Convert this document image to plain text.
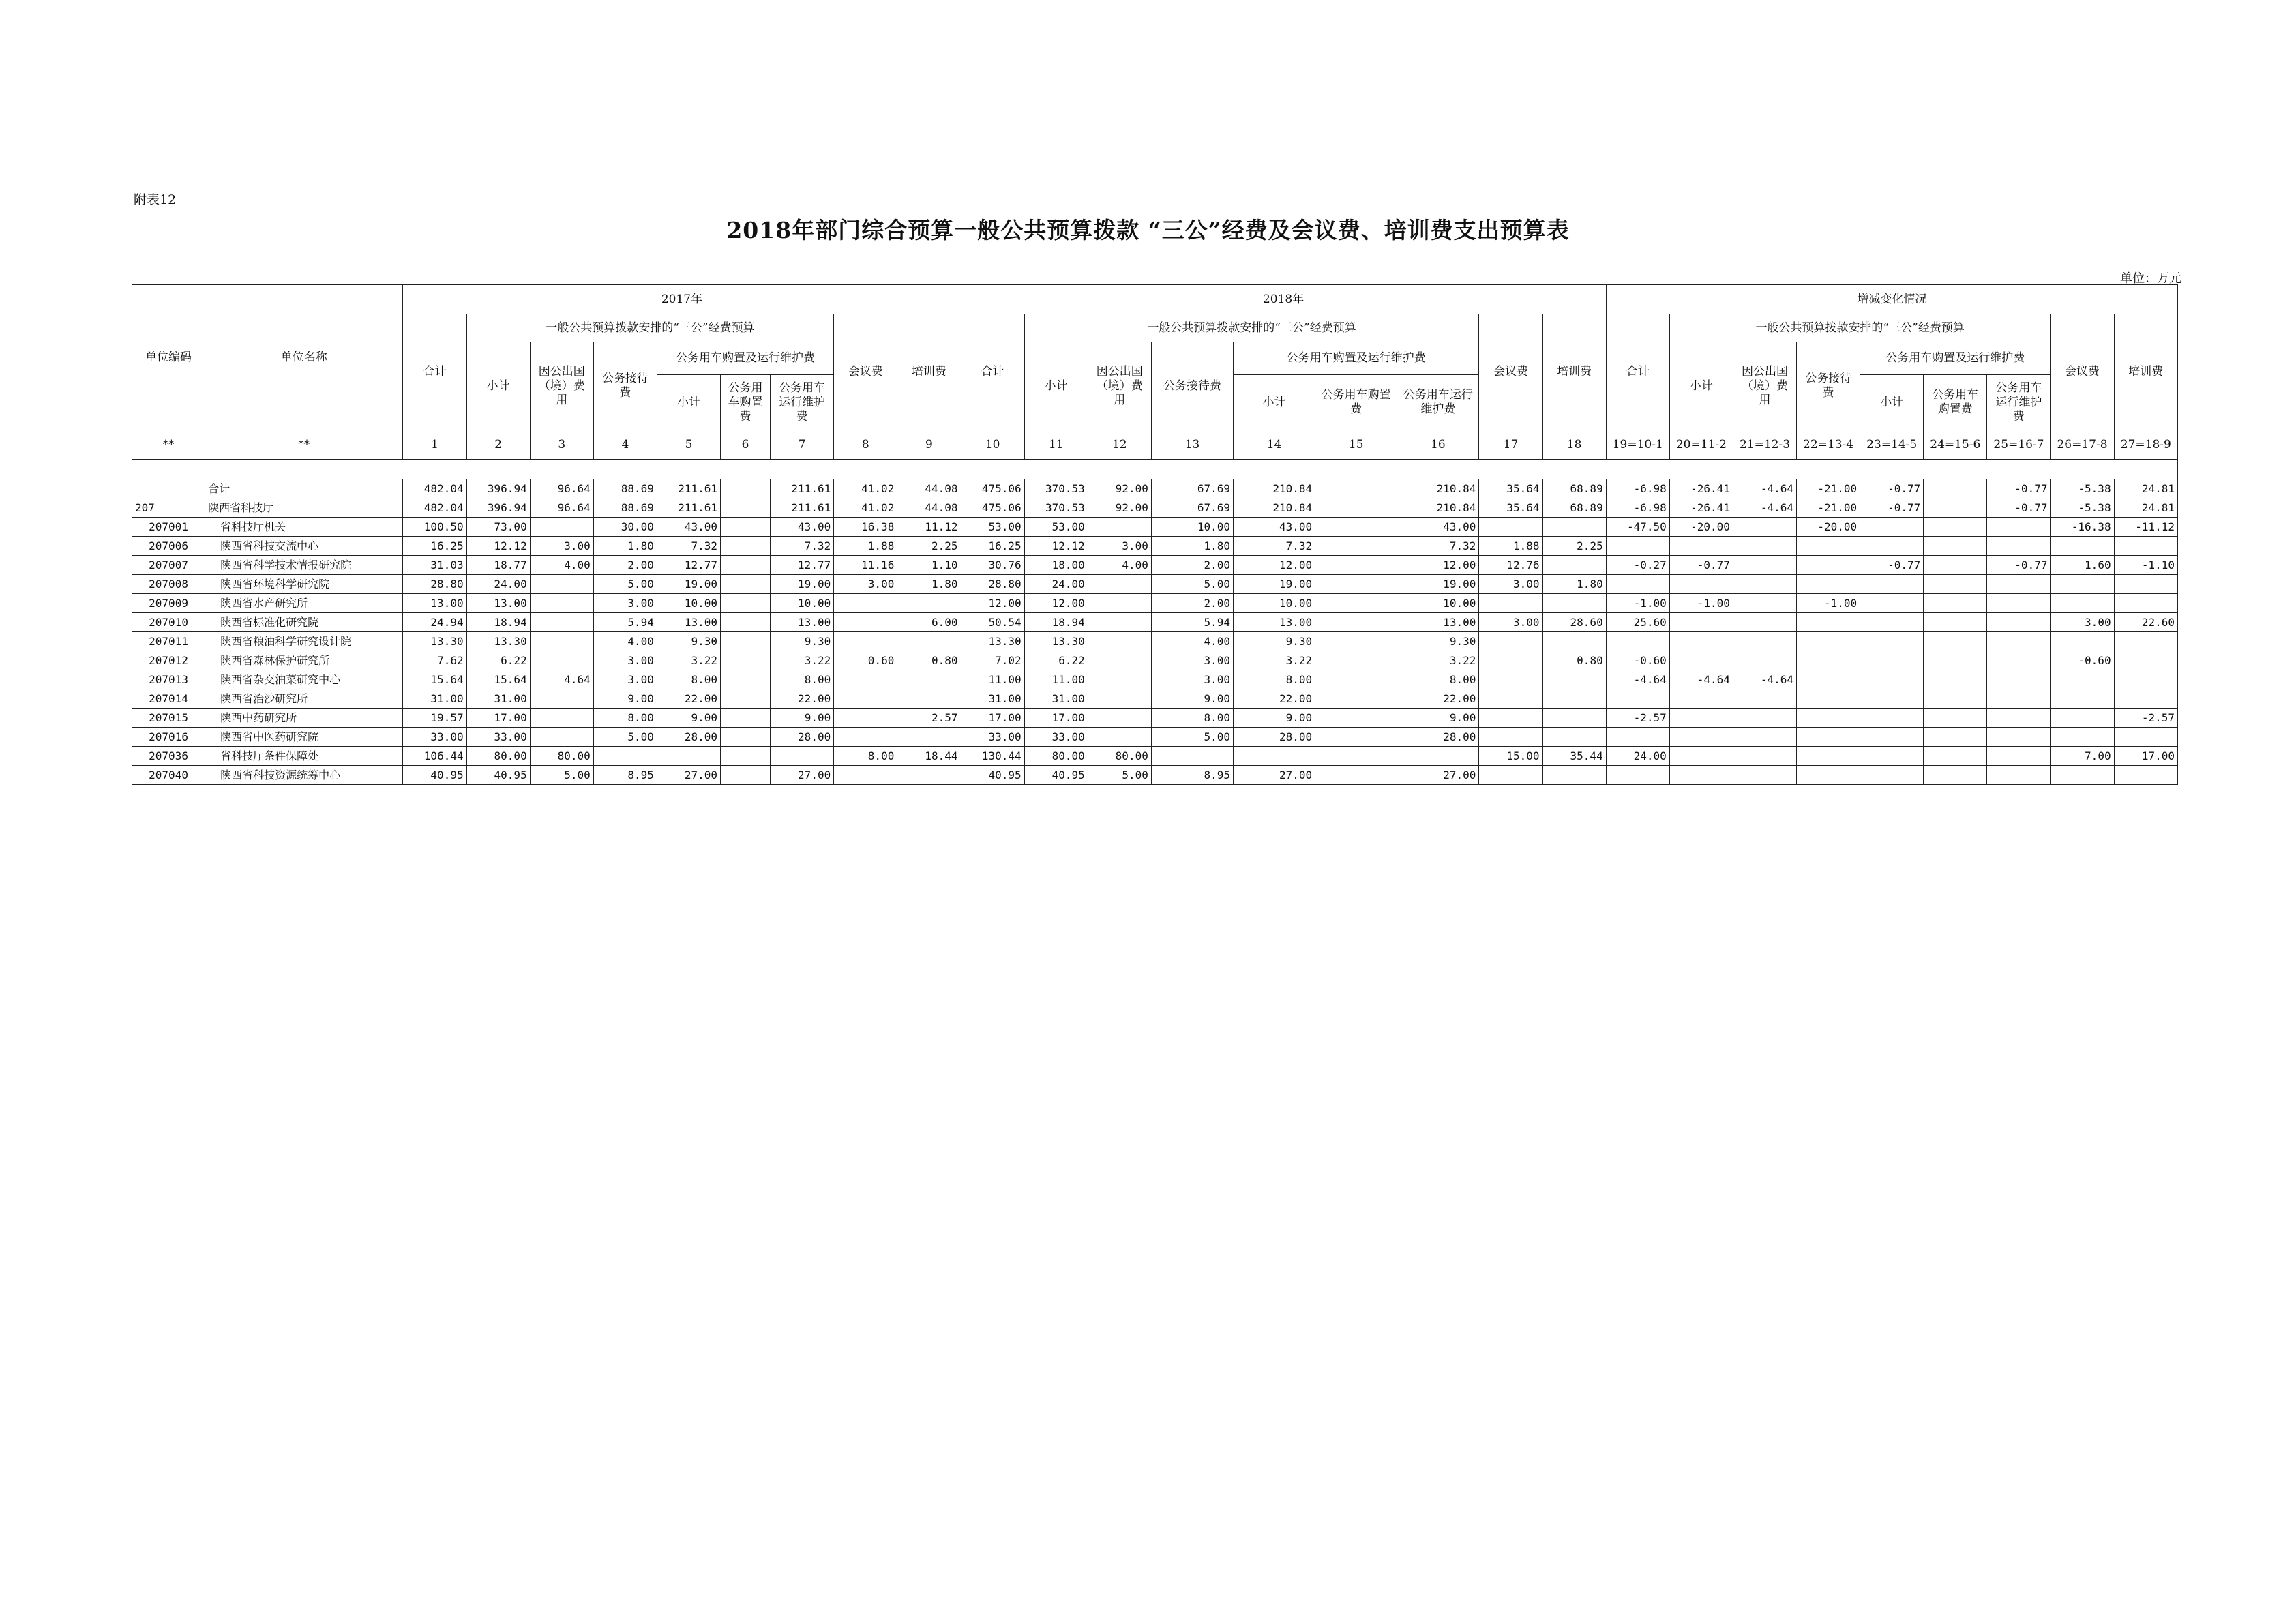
附表12
2018年部门综合预算一般公共预算拨款 “三公”经费及会议费、培训费支出预算表
单位：万元
单位编码	单位名称	2017年									2018年									增减变化情况								
		合计	一般公共预算拨款安排的“三公”经费预算						会议费	培训费	合计	一般公共预算拨款安排的“三公”经费预算						会议费	培训费	合计	一般公共预算拨款安排的“三公”经费预算						会议费	培训费
			小计	因公出国（境）费用	公务接待费	公务用车购置及运行维护费						小计	因公出国（境）费用	公务接待费	公务用车购置及运行维护费						小计	因公出国（境）费用	公务接待费	公务用车购置及运行维护费				
						小计	公务用车购置费	公务用车运行维护费							小计	公务用车购置费	公务用车运行维护费							小计	公务用车购置费	公务用车运行维护费		
**	**	1	2	3	4	5	6	7	8	9	10	11	12	13	14	15	16	17	18	19=10-1	20=11-2	21=12-3	22=13-4	23=14-5	24=15-6	25=16-7	26=17-8	27=18-9

	合计	482.04	396.94	96.64	88.69	211.61		211.61	41.02	44.08	475.06	370.53	92.00	67.69	210.84		210.84	35.64	68.89	-6.98	-26.41	-4.64	-21.00	-0.77		-0.77	-5.38	24.81
207	陕西省科技厅	482.04	396.94	96.64	88.69	211.61		211.61	41.02	44.08	475.06	370.53	92.00	67.69	210.84		210.84	35.64	68.89	-6.98	-26.41	-4.64	-21.00	-0.77		-0.77	-5.38	24.81
207001	省科技厅机关	100.50	73.00		30.00	43.00		43.00	16.38	11.12	53.00	53.00		10.00	43.00		43.00			-47.50	-20.00		-20.00				-16.38	-11.12
207006	陕西省科技交流中心	16.25	12.12	3.00	1.80	7.32		7.32	1.88	2.25	16.25	12.12	3.00	1.80	7.32		7.32	1.88	2.25									
207007	陕西省科学技术情报研究院	31.03	18.77	4.00	2.00	12.77		12.77	11.16	1.10	30.76	18.00	4.00	2.00	12.00		12.00	12.76		-0.27	-0.77			-0.77		-0.77	1.60	-1.10
207008	陕西省环境科学研究院	28.80	24.00		5.00	19.00		19.00	3.00	1.80	28.80	24.00		5.00	19.00		19.00	3.00	1.80									
207009	陕西省水产研究所	13.00	13.00		3.00	10.00		10.00			12.00	12.00		2.00	10.00		10.00			-1.00	-1.00		-1.00					
207010	陕西省标准化研究院	24.94	18.94		5.94	13.00		13.00		6.00	50.54	18.94		5.94	13.00		13.00	3.00	28.60	25.60							3.00	22.60
207011	陕西省粮油科学研究设计院	13.30	13.30		4.00	9.30		9.30			13.30	13.30		4.00	9.30		9.30											
207012	陕西省森林保护研究所	7.62	6.22		3.00	3.22		3.22	0.60	0.80	7.02	6.22		3.00	3.22		3.22		0.80	-0.60							-0.60	
207013	陕西省杂交油菜研究中心	15.64	15.64	4.64	3.00	8.00		8.00			11.00	11.00		3.00	8.00		8.00			-4.64	-4.64	-4.64						
207014	陕西省治沙研究所	31.00	31.00		9.00	22.00		22.00			31.00	31.00		9.00	22.00		22.00											
207015	陕西中药研究所	19.57	17.00		8.00	9.00		9.00		2.57	17.00	17.00		8.00	9.00		9.00			-2.57								-2.57
207016	陕西省中医药研究院	33.00	33.00		5.00	28.00		28.00			33.00	33.00		5.00	28.00		28.00											
207036	省科技厅条件保障处	106.44	80.00	80.00					8.00	18.44	130.44	80.00	80.00					15.00	35.44	24.00							7.00	17.00
207040	陕西省科技资源统筹中心	40.95	40.95	5.00	8.95	27.00		27.00			40.95	40.95	5.00	8.95	27.00		27.00											
